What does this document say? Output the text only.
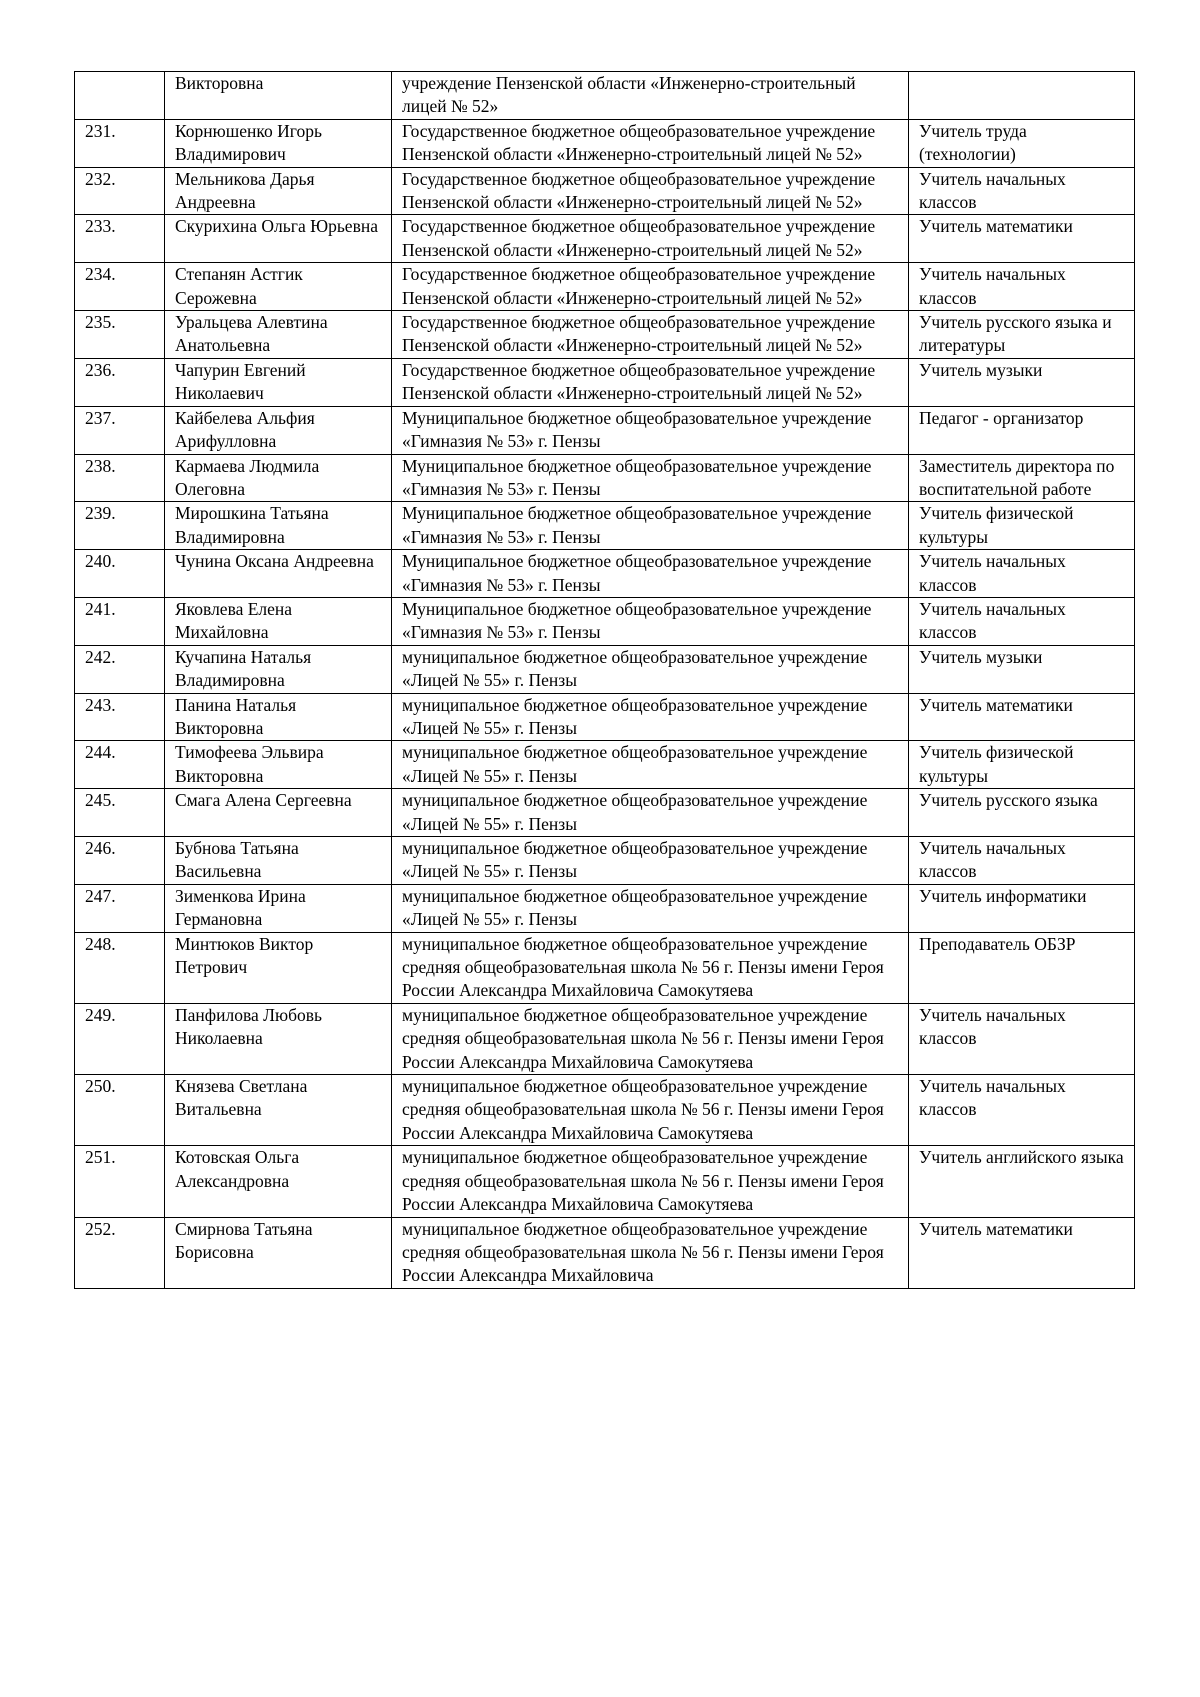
	Викторовна	учреждение Пензенской области «Инженерно-строительный лицей № 52»	
231.	Корнюшенко Игорь Владимирович	Государственное бюджетное общеобразовательное учреждение Пензенской области «Инженерно-строительный лицей № 52»	Учитель труда (технологии)
232.	Мельникова Дарья Андреевна	Государственное бюджетное общеобразовательное учреждение Пензенской области «Инженерно-строительный лицей № 52»	Учитель начальных классов
233.	Скурихина Ольга Юрьевна	Государственное бюджетное общеобразовательное учреждение Пензенской области «Инженерно-строительный лицей № 52»	Учитель математики
234.	Степанян Астгик Серожевна	Государственное бюджетное общеобразовательное учреждение Пензенской области «Инженерно-строительный лицей № 52»	Учитель начальных классов
235.	Уральцева Алевтина Анатольевна	Государственное бюджетное общеобразовательное учреждение Пензенской области «Инженерно-строительный лицей № 52»	Учитель русского языка и литературы
236.	Чапурин Евгений Николаевич	Государственное бюджетное общеобразовательное учреждение Пензенской области «Инженерно-строительный лицей № 52»	Учитель музыки
237.	Кайбелева Альфия Арифулловна	Муниципальное бюджетное общеобразовательное учреждение «Гимназия № 53» г. Пензы	Педагог - организатор
238.	Кармаева Людмила Олеговна	Муниципальное бюджетное общеобразовательное учреждение «Гимназия № 53» г. Пензы	Заместитель директора по воспитательной работе
239.	Мирошкина Татьяна Владимировна	Муниципальное бюджетное общеобразовательное учреждение «Гимназия № 53» г. Пензы	Учитель физической культуры
240.	Чунина Оксана Андреевна	Муниципальное бюджетное общеобразовательное учреждение «Гимназия № 53» г. Пензы	Учитель начальных классов
241.	Яковлева Елена Михайловна	Муниципальное бюджетное общеобразовательное учреждение «Гимназия № 53» г. Пензы	Учитель начальных классов
242.	Кучапина Наталья Владимировна	муниципальное бюджетное общеобразовательное учреждение «Лицей № 55» г. Пензы	Учитель музыки
243.	Панина Наталья Викторовна	муниципальное бюджетное общеобразовательное учреждение «Лицей № 55» г. Пензы	Учитель математики
244.	Тимофеева Эльвира Викторовна	муниципальное бюджетное общеобразовательное учреждение «Лицей № 55» г. Пензы	Учитель физической культуры
245.	Смага Алена Сергеевна	муниципальное бюджетное общеобразовательное учреждение «Лицей № 55» г. Пензы	Учитель русского языка
246.	Бубнова Татьяна Васильевна	муниципальное бюджетное общеобразовательное учреждение «Лицей № 55» г. Пензы	Учитель начальных классов
247.	Зименкова Ирина Германовна	муниципальное бюджетное общеобразовательное учреждение «Лицей № 55» г. Пензы	Учитель информатики
248.	Минтюков Виктор Петрович	муниципальное бюджетное общеобразовательное учреждение средняя общеобразовательная школа № 56 г. Пензы имени Героя России Александра Михайловича Самокутяева	Преподаватель ОБЗР
249.	Панфилова Любовь Николаевна	муниципальное бюджетное общеобразовательное учреждение средняя общеобразовательная школа № 56 г. Пензы имени Героя России Александра Михайловича Самокутяева	Учитель начальных классов
250.	Князева Светлана Витальевна	муниципальное бюджетное общеобразовательное учреждение средняя общеобразовательная школа № 56 г. Пензы имени Героя России Александра Михайловича Самокутяева	Учитель начальных классов
251.	Котовская Ольга Александровна	муниципальное бюджетное общеобразовательное учреждение средняя общеобразовательная школа № 56 г. Пензы имени Героя России Александра Михайловича Самокутяева	Учитель английского языка
252.	Смирнова Татьяна Борисовна	муниципальное бюджетное общеобразовательное учреждение средняя общеобразовательная школа № 56 г. Пензы имени Героя России Александра Михайловича	Учитель математики
